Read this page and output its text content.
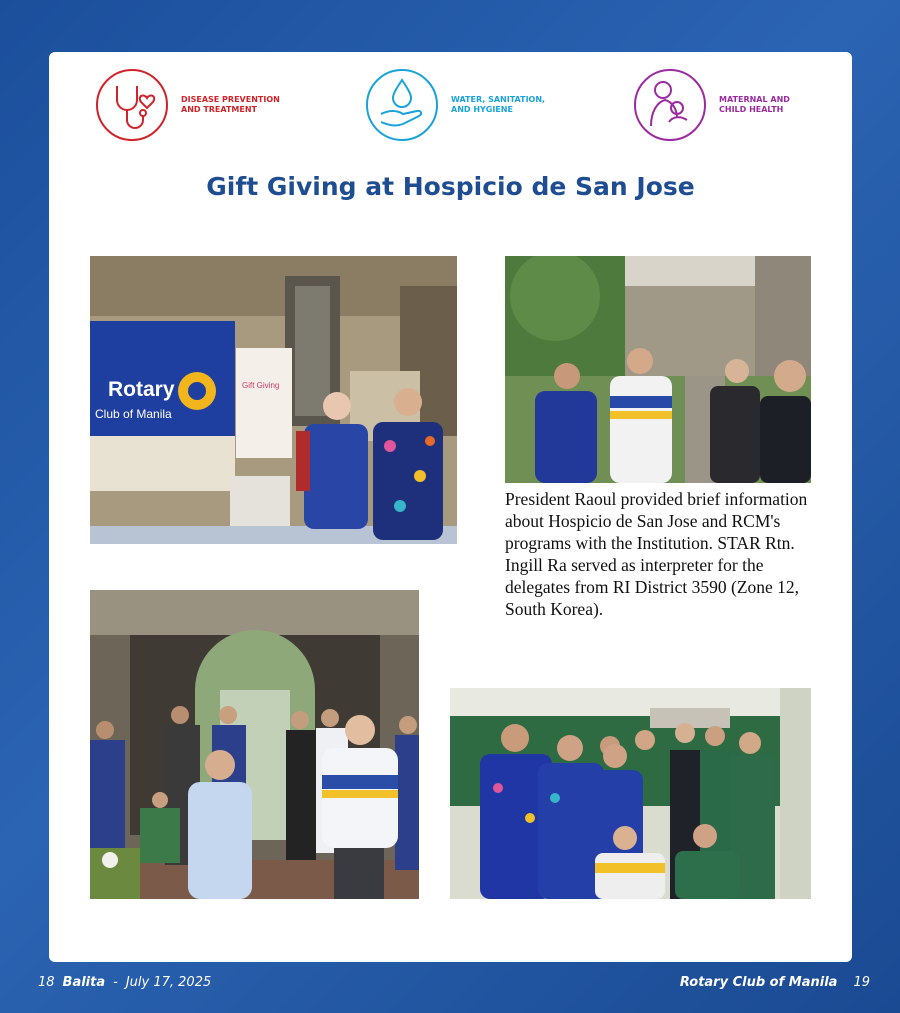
DISEASE PREVENTION AND TREATMENT
WATER, SANITATION, AND HYGIENE
MATERNAL AND CHILD HEALTH
Gift Giving at Hospicio de San Jose
Rotary
Club of Manila
Gift Giving
President Raoul provided brief information about Hospicio de San Jose and RCM's programs with the Institution. STAR Rtn. Ingill Ra served as interpreter for the delegates from RI District 3590 (Zone 12, South Korea).
18 Balita - July 17, 2025	Rotary Club of Manila 19
